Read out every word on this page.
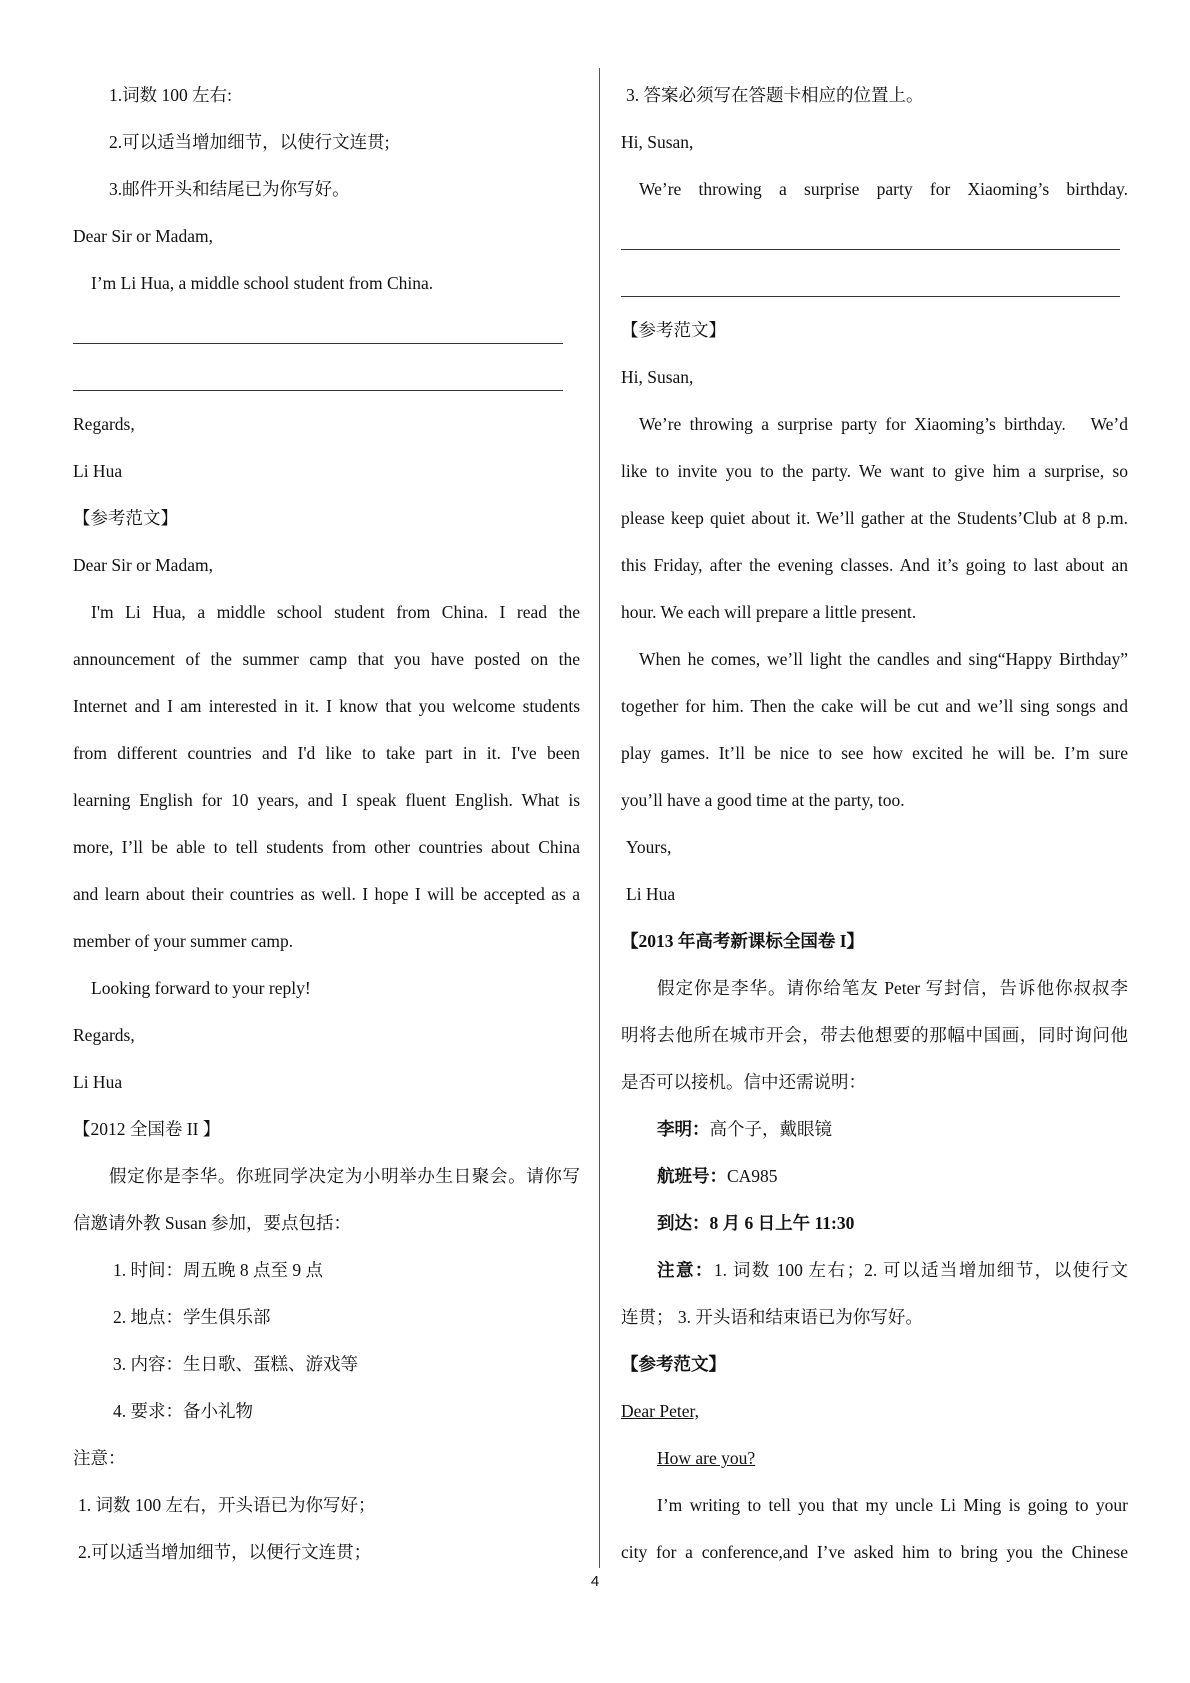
1.词数 100 左右:
2.可以适当增加细节，以使行文连贯;
3.邮件开头和结尾已为你写好。
Dear Sir or Madam,
I’m Li Hua, a middle school student from China.
Regards,
Li Hua
【参考范文】
Dear Sir or Madam,
I'm Li Hua, a middle school student from China. I read the
announcement of the summer camp that you have posted on the
Internet and I am interested in it. I know that you welcome students
from different countries and I'd like to take part in it. I've been
learning English for 10 years, and I speak fluent English. What is
more, I’ll be able to tell students from other countries about China
and learn about their countries as well. I hope I will be accepted as a
member of your summer camp.
Looking forward to your reply!
Regards,
Li Hua
【2012 全国卷 II 】
假定你是李华。你班同学决定为小明举办生日聚会。请你写
信邀请外教 Susan 参加，要点包括：
1. 时间：周五晚 8 点至 9 点
2. 地点：学生俱乐部
3. 内容：生日歌、蛋糕、游戏等
4. 要求：备小礼物
注意：
1. 词数 100 左右，开头语已为你写好；
2.可以适当增加细节，以便行文连贯；
3. 答案必须写在答题卡相应的位置上。
Hi, Susan,
We’re throwing a surprise party for Xiaoming’s birthday.
【参考范文】
Hi, Susan,
We’re throwing a surprise party for Xiaoming’s birthday.   We’d
like to invite you to the party. We want to give him a surprise, so
please keep quiet about it. We’ll gather at the Students’Club at 8 p.m.
this Friday, after the evening classes. And it’s going to last about an
hour. We each will prepare a little present.
When he comes, we’ll light the candles and sing“Happy Birthday”
together for him. Then the cake will be cut and we’ll sing songs and
play games. It’ll be nice to see how excited he will be. I’m sure
you’ll have a good time at the party, too.
Yours,
Li Hua
【2013 年高考新课标全国卷 I】
假定你是李华。请你给笔友 Peter 写封信，告诉他你叔叔李
明将去他所在城市开会，带去他想要的那幅中国画，同时询问他
是否可以接机。信中还需说明：
李明：高个子，戴眼镜
航班号：CA985
到达：8 月 6 日上午 11:30
注意：1. 词数 100 左右；2. 可以适当增加细节，以使行文
连贯； 3. 开头语和结束语已为你写好。
【参考范文】
Dear Peter,
How are you?
I’m writing to tell you that my uncle Li Ming is going to your
city for a conference,and I’ve asked him to bring you the Chinese
4
